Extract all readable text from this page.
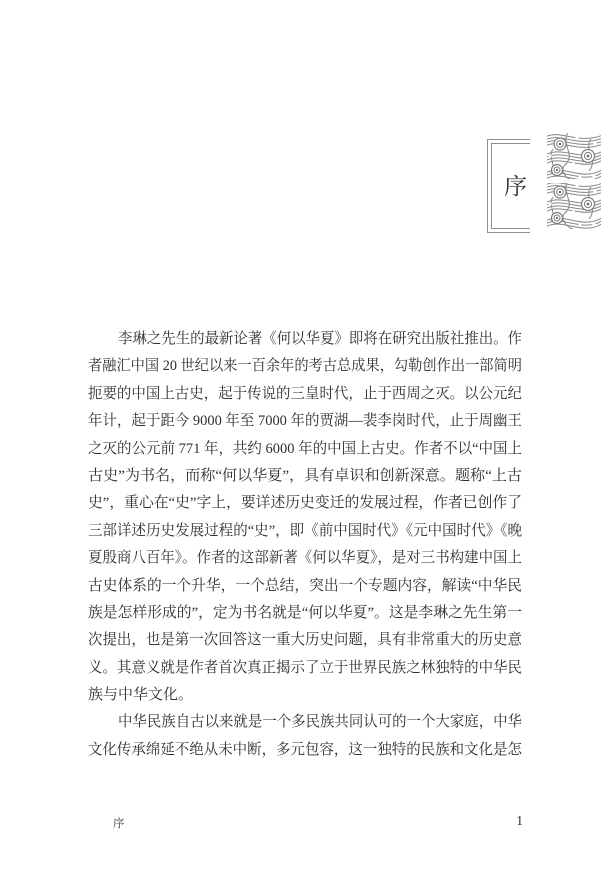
序
李琳之先生的最新论著《何以华夏》即将在研究出版社推出。作
者融汇中国 20 世纪以来一百余年的考古总成果，勾勒创作出一部简明
扼要的中国上古史，起于传说的三皇时代，止于西周之灭。以公元纪
年计，起于距今 9000 年至 7000 年的贾湖—裴李岗时代，止于周幽王
之灭的公元前 771 年，共约 6000 年的中国上古史。作者不以“中国上
古史”为书名，而称“何以华夏”，具有卓识和创新深意。题称“上古
史”，重心在“史”字上，要详述历史变迁的发展过程，作者已创作了
三部详述历史发展过程的“史”，即《前中国时代》《元中国时代》《晚
夏殷商八百年》。作者的这部新著《何以华夏》，是对三书构建中国上
古史体系的一个升华，一个总结，突出一个专题内容，解读“中华民
族是怎样形成的”，定为书名就是“何以华夏”。这是李琳之先生第一
次提出，也是第一次回答这一重大历史问题，具有非常重大的历史意
义。其意义就是作者首次真正揭示了立于世界民族之林独特的中华民
族与中华文化。
中华民族自古以来就是一个多民族共同认可的一个大家庭，中华
文化传承绵延不绝从未中断，多元包容，这一独特的民族和文化是怎
序	1
